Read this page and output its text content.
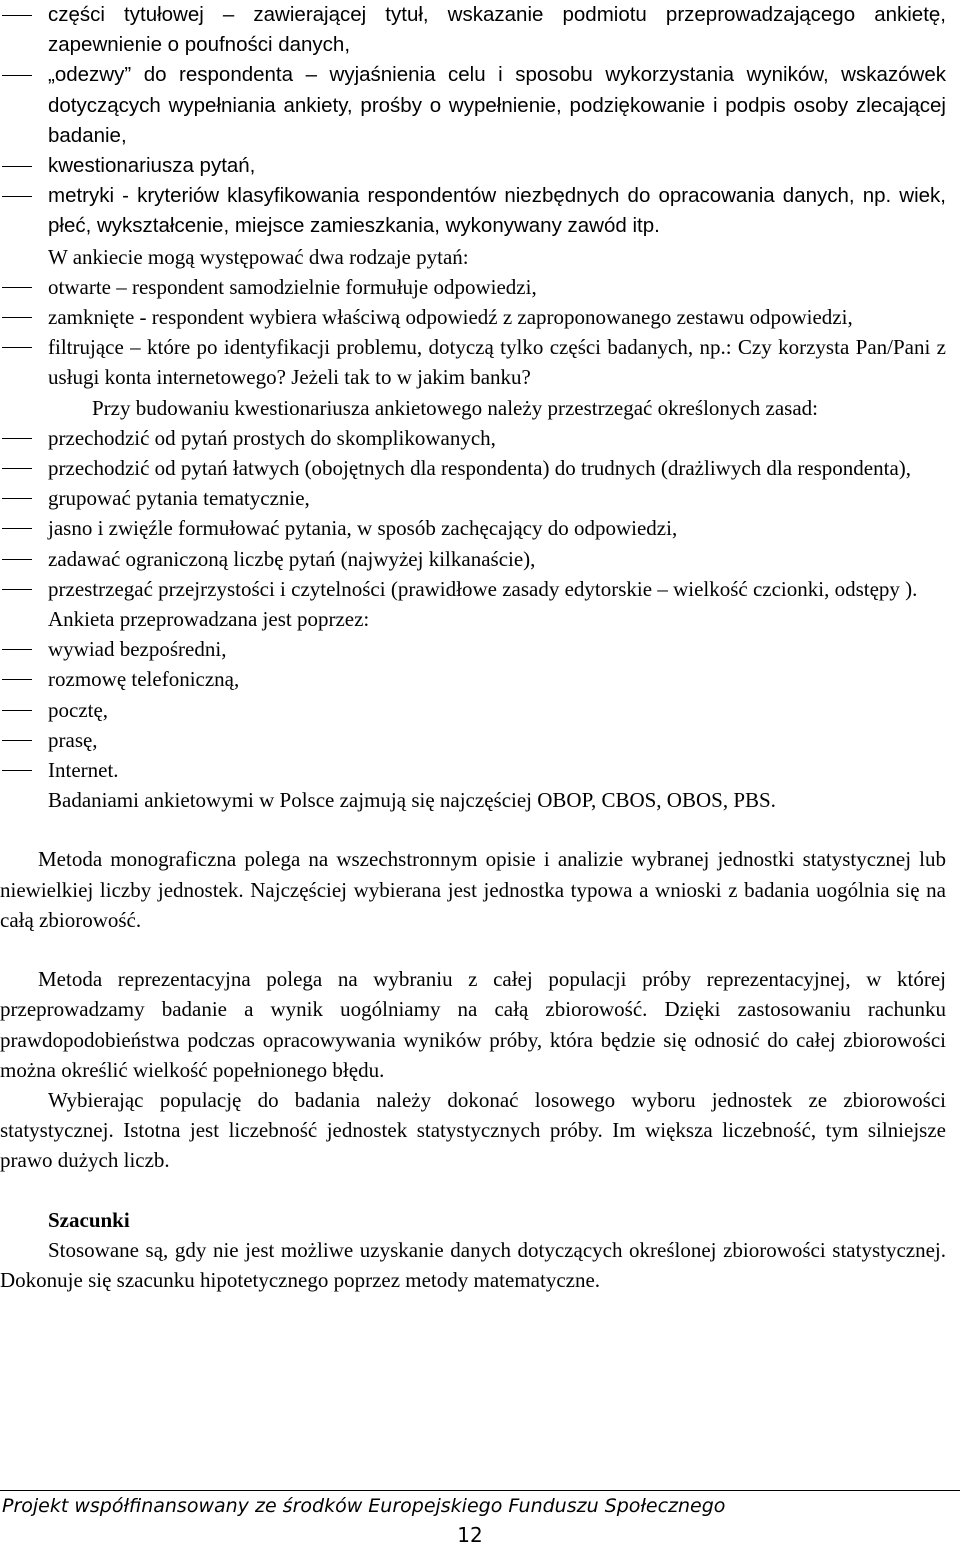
części tytułowej – zawierającej tytuł, wskazanie podmiotu przeprowadzającego ankietę, zapewnienie o poufności danych,
„odezwy” do respondenta – wyjaśnienia celu i sposobu wykorzystania wyników, wskazówek dotyczących wypełniania ankiety, prośby o wypełnienie, podziękowanie i podpis osoby zlecającej badanie,
kwestionariusza pytań,
metryki - kryteriów klasyfikowania respondentów niezbędnych do opracowania danych, np. wiek, płeć, wykształcenie, miejsce zamieszkania, wykonywany zawód itp.
W ankiecie mogą występować dwa rodzaje pytań:
otwarte – respondent samodzielnie formułuje odpowiedzi,
zamknięte - respondent wybiera właściwą odpowiedź z zaproponowanego zestawu odpowiedzi,
filtrujące – które po identyfikacji problemu, dotyczą tylko części badanych, np.: Czy korzysta Pan/Pani z usługi konta internetowego? Jeżeli tak to w jakim banku?
Przy budowaniu kwestionariusza ankietowego należy przestrzegać określonych zasad:
przechodzić od pytań prostych do skomplikowanych,
przechodzić od pytań łatwych (obojętnych dla respondenta) do trudnych (drażliwych dla respondenta),
grupować pytania tematycznie,
jasno i zwięźle formułować pytania, w sposób zachęcający do odpowiedzi,
zadawać ograniczoną liczbę pytań (najwyżej kilkanaście),
przestrzegać przejrzystości i czytelności (prawidłowe zasady edytorskie – wielkość czcionki, odstępy ).
Ankieta przeprowadzana jest poprzez:
wywiad bezpośredni,
rozmowę telefoniczną,
pocztę,
prasę,
Internet.
Badaniami ankietowymi w Polsce zajmują się najczęściej OBOP, CBOS, OBOS, PBS.
Metoda monograficzna polega na wszechstronnym opisie i analizie wybranej jednostki statystycznej lub niewielkiej liczby jednostek. Najczęściej wybierana jest jednostka typowa a wnioski z badania uogólnia się na całą zbiorowość.
Metoda reprezentacyjna polega na wybraniu z całej populacji próby reprezentacyjnej, w której przeprowadzamy badanie a wynik uogólniamy na całą zbiorowość. Dzięki zastosowaniu rachunku prawdopodobieństwa podczas opracowywania wyników próby, która będzie się odnosić do całej zbiorowości można określić wielkość popełnionego błędu.
Wybierając populację do badania należy dokonać losowego wyboru jednostek ze zbiorowości statystycznej. Istotna jest liczebność jednostek statystycznych próby. Im większa liczebność, tym silniejsze prawo dużych liczb.
Szacunki
Stosowane są, gdy nie jest możliwe uzyskanie danych dotyczących określonej zbiorowości statystycznej. Dokonuje się szacunku hipotetycznego poprzez metody matematyczne.
Projekt współfinansowany ze środków Europejskiego Funduszu Społecznego
12
